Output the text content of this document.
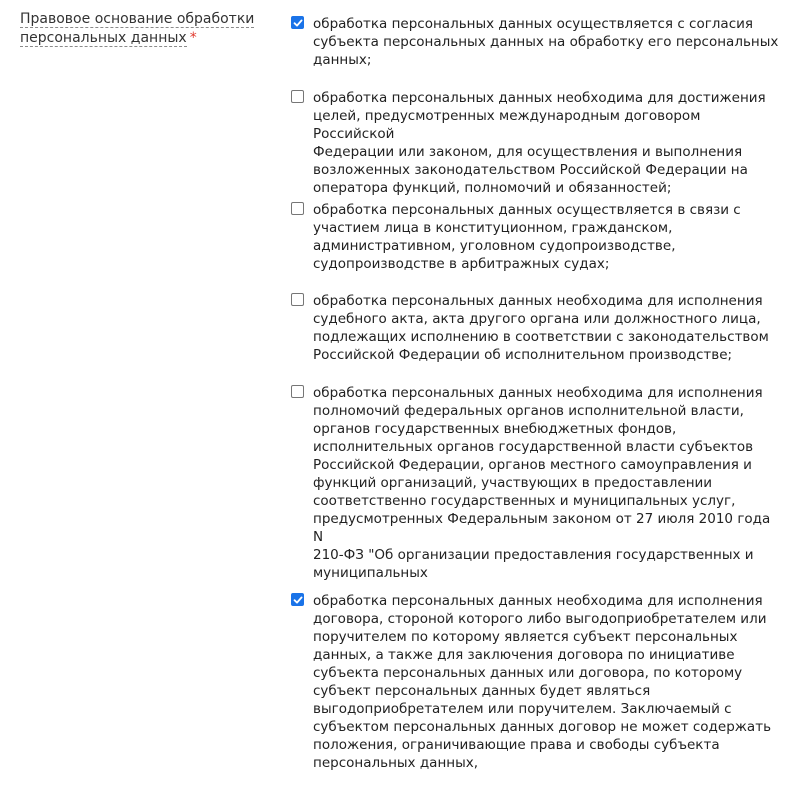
Правовое основание обработки персональных данных *
обработка персональных данных осуществляется с согласия
субъекта персональных данных на обработку его персональных
данных;
обработка персональных данных необходима для достижения
целей, предусмотренных международным договором Российской
Федерации или законом, для осуществления и выполнения
возложенных законодательством Российской Федерации на
оператора функций, полномочий и обязанностей;
обработка персональных данных осуществляется в связи с
участием лица в конституционном, гражданском,
административном, уголовном судопроизводстве,
судопроизводстве в арбитражных судах;
обработка персональных данных необходима для исполнения
судебного акта, акта другого органа или должностного лица,
подлежащих исполнению в соответствии с законодательством
Российской Федерации об исполнительном производстве;
обработка персональных данных необходима для исполнения
полномочий федеральных органов исполнительной власти,
органов государственных внебюджетных фондов,
исполнительных органов государственной власти субъектов
Российской Федерации, органов местного самоуправления и
функций организаций, участвующих в предоставлении
соответственно государственных и муниципальных услуг,
предусмотренных Федеральным законом от 27 июля 2010 года N
210-ФЗ "Об организации предоставления государственных и
муниципальных
обработка персональных данных необходима для исполнения
договора, стороной которого либо выгодоприобретателем или
поручителем по которому является субъект персональных
данных, а также для заключения договора по инициативе
субъекта персональных данных или договора, по которому
субъект персональных данных будет являться
выгодоприобретателем или поручителем. Заключаемый с
субъектом персональных данных договор не может содержать
положения, ограничивающие права и свободы субъекта
персональных данных,
